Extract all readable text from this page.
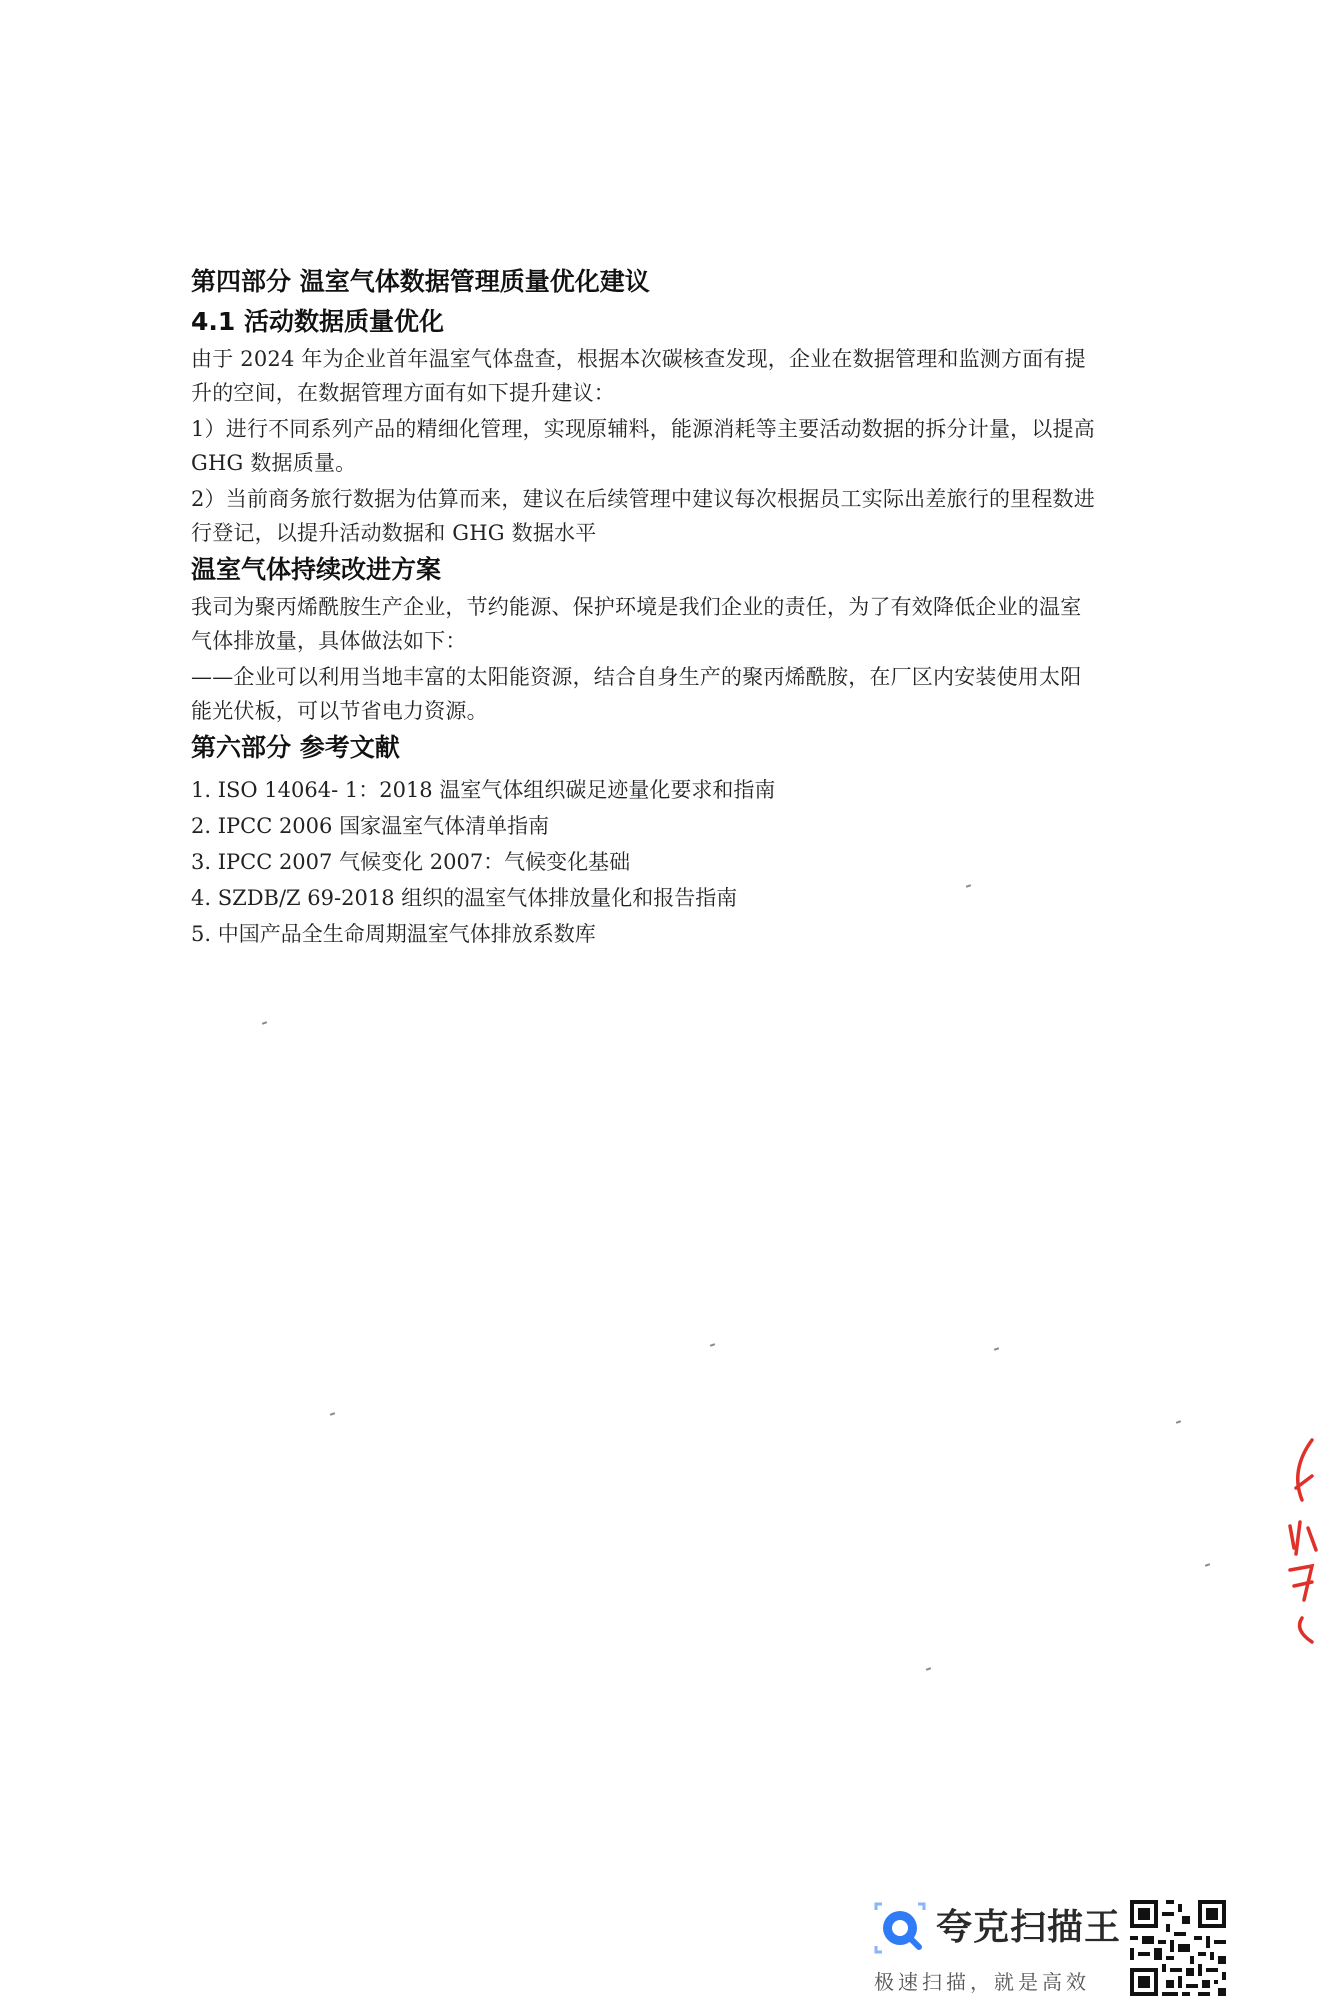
第四部分 温室气体数据管理质量优化建议
4.1 活动数据质量优化

由于 2024 年为企业首年温室气体盘查，根据本次碳核查发现，企业在数据管理和监测方面有提

升的空间，在数据管理方面有如下提升建议：

1）进行不同系列产品的精细化管理，实现原辅料，能源消耗等主要活动数据的拆分计量，以提高

GHG 数据质量。

2）当前商务旅行数据为估算而来，建议在后续管理中建议每次根据员工实际出差旅行的里程数进

行登记，以提升活动数据和 GHG 数据水平

温室气体持续改进方案

我司为聚丙烯酰胺生产企业，节约能源、保护环境是我们企业的责任，为了有效降低企业的温室

气体排放量，具体做法如下：

——企业可以利用当地丰富的太阳能资源，结合自身生产的聚丙烯酰胺，在厂区内安装使用太阳

能光伏板，可以节省电力资源。

第六部分 参考文献
1. ISO 14064- 1：2018 温室气体组织碳足迹量化要求和指南
2. IPCC 2006 国家温室气体清单指南
3. IPCC 2007 气候变化 2007：气候变化基础
4. SZDB/Z 69-2018 组织的温室气体排放量化和报告指南
5. 中国产品全生命周期温室气体排放系数库
夸克扫描王
极速扫描，就是高效
